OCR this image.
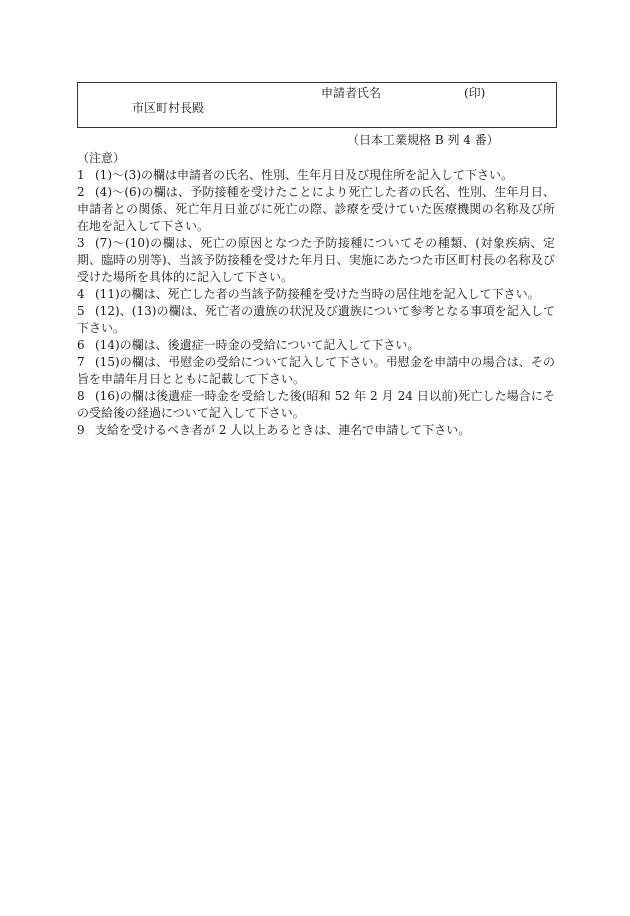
申請者氏名	(印)
市区町村長殿
（日本工業規格 B 列 4 番）

（注意）

1 (1)～(3)の欄は申請者の氏名、性別、生年月日及び現住所を記入して下さい。

2 (4)～(6)の欄は、予防接種を受けたことにより死亡した者の氏名、性別、生年月日、申請者との関係、死亡年月日並びに死亡の際、診療を受けていた医療機関の名称及び所在地を記入して下さい。

3 (7)～(10)の欄は、死亡の原因となつた予防接種についてその種類、(対象疾病、定期、臨時の別等)、当該予防接種を受けた年月日、実施にあたつた市区町村長の名称及び受けた場所を具体的に記入して下さい。

4 (11)の欄は、死亡した者の当該予防接種を受けた当時の居住地を記入して下さい。

5 (12)、(13)の欄は、死亡者の遺族の状況及び遺族について参考となる事項を記入して下さい。

6 (14)の欄は、後遺症一時金の受給について記入して下さい。

7 (15)の欄は、弔慰金の受給について記入して下さい。弔慰金を申請中の場合は、その旨を申請年月日とともに記載して下さい。

8 (16)の欄は後遺症一時金を受給した後(昭和 52 年 2 月 24 日以前)死亡した場合にその受給後の経過について記入して下さい。

9 支給を受けるべき者が 2 人以上あるときは、連名で申請して下さい。
